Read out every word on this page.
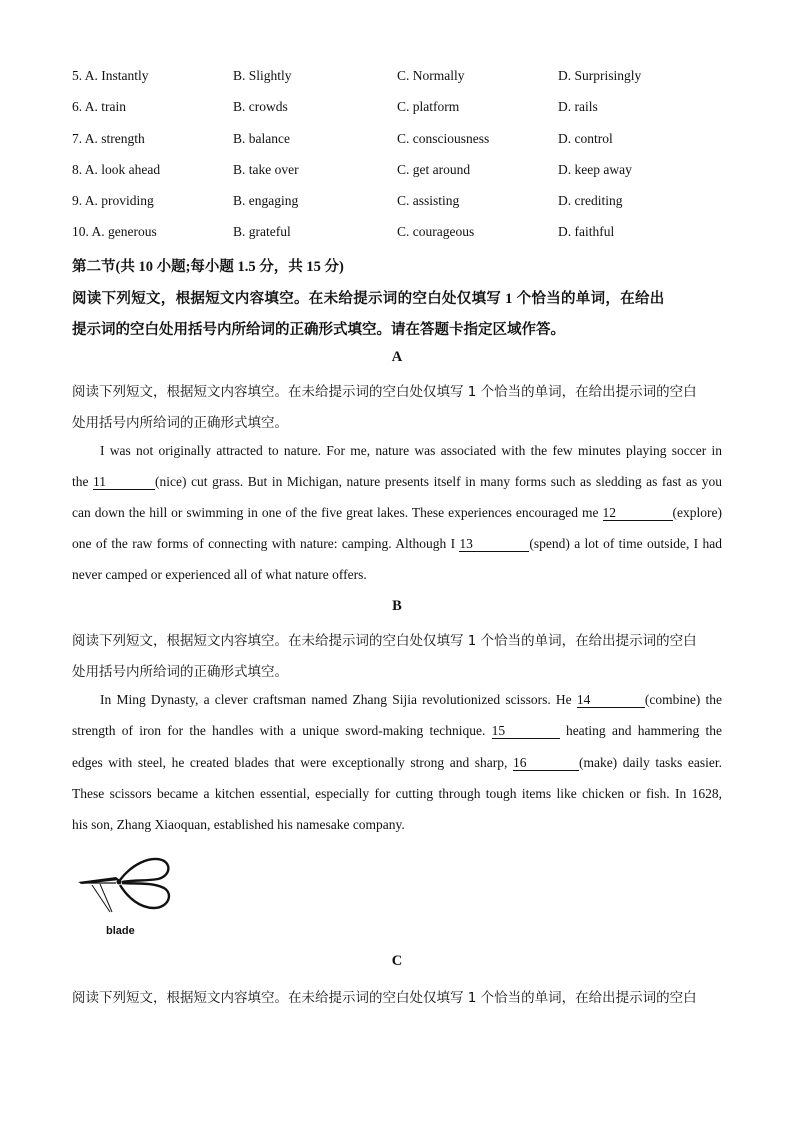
5. A. Instantly	B. Slightly	C. Normally	D. Surprisingly
6. A. train	B. crowds	C. platform	D. rails
7. A. strength	B. balance	C. consciousness	D. control
8. A. look ahead	B. take over	C. get around	D. keep away
9. A. providing	B. engaging	C. assisting	D. crediting
10. A. generous	B. grateful	C. courageous	D. faithful
第二节(共 10 小题;每小题 1.5 分，共 15 分)
阅读下列短文，根据短文内容填空。在未给提示词的空白处仅填写 1 个恰当的单词，在给出
提示词的空白处用括号内所给词的正确形式填空。请在答题卡指定区域作答。
A
阅读下列短文，根据短文内容填空。在未给提示词的空白处仅填写 1 个恰当的单词，在给出提示词的空白
处用括号内所给词的正确形式填空。
I was not originally attracted to nature. For me, nature was associated with the few minutes playing soccer in
the 11	(nice) cut grass. But in Michigan, nature presents itself in many forms such as sledding as fast as you
can down the hill or swimming in one of the five great lakes. These experiences encouraged me 12	(explore)
one of the raw forms of connecting with nature: camping. Although I 13	(spend) a lot of time outside, I had
never camped or experienced all of what nature offers.
B
阅读下列短文，根据短文内容填空。在未给提示词的空白处仅填写 1 个恰当的单词，在给出提示词的空白
处用括号内所给词的正确形式填空。
In Ming Dynasty, a clever craftsman named Zhang Sijia revolutionized scissors. He 14	(combine) the
strength of iron for the handles with a unique sword-making technique. 15	heating and hammering the
edges with steel, he created blades that were exceptionally strong and sharp, 16	(make) daily tasks easier.
These scissors became a kitchen essential, especially for cutting through tough items like chicken or fish. In 1628,
his son, Zhang Xiaoquan, established his namesake company.
blade
C
阅读下列短文，根据短文内容填空。在未给提示词的空白处仅填写 1 个恰当的单词，在给出提示词的空白
